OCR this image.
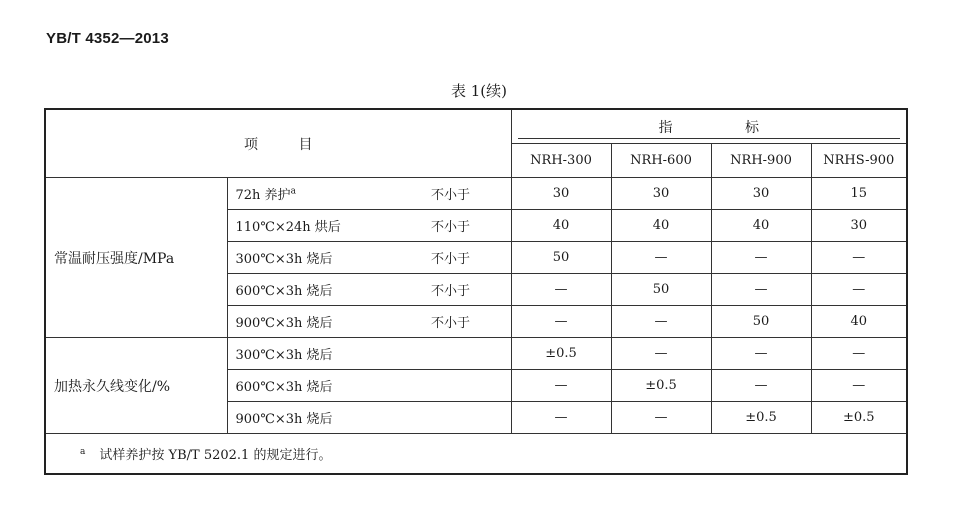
YB/T 4352—2013
表 1(续)
项 目			指 标			

			NRH-300	NRH-600	NRH-900	NRHS-900
常温耐压强度/MPa	72h 养护$^a$	不小于	30	30	30	15
	110℃×24h 烘后	不小于	40	40	40	30
	300℃×3h 烧后	不小于	50	—	—	—
	600℃×3h 烧后	不小于	—	50	—	—
	900℃×3h 烧后	不小于	—	—	50	40
加热永久线变化/%	300℃×3h 烧后		±0.5	—	—	—
	600℃×3h 烧后		—	±0.5	—	—
	900℃×3h 烧后		—	—	±0.5	±0.5
$^a$ 试样养护按 YB/T 5202.1 的规定进行。						
